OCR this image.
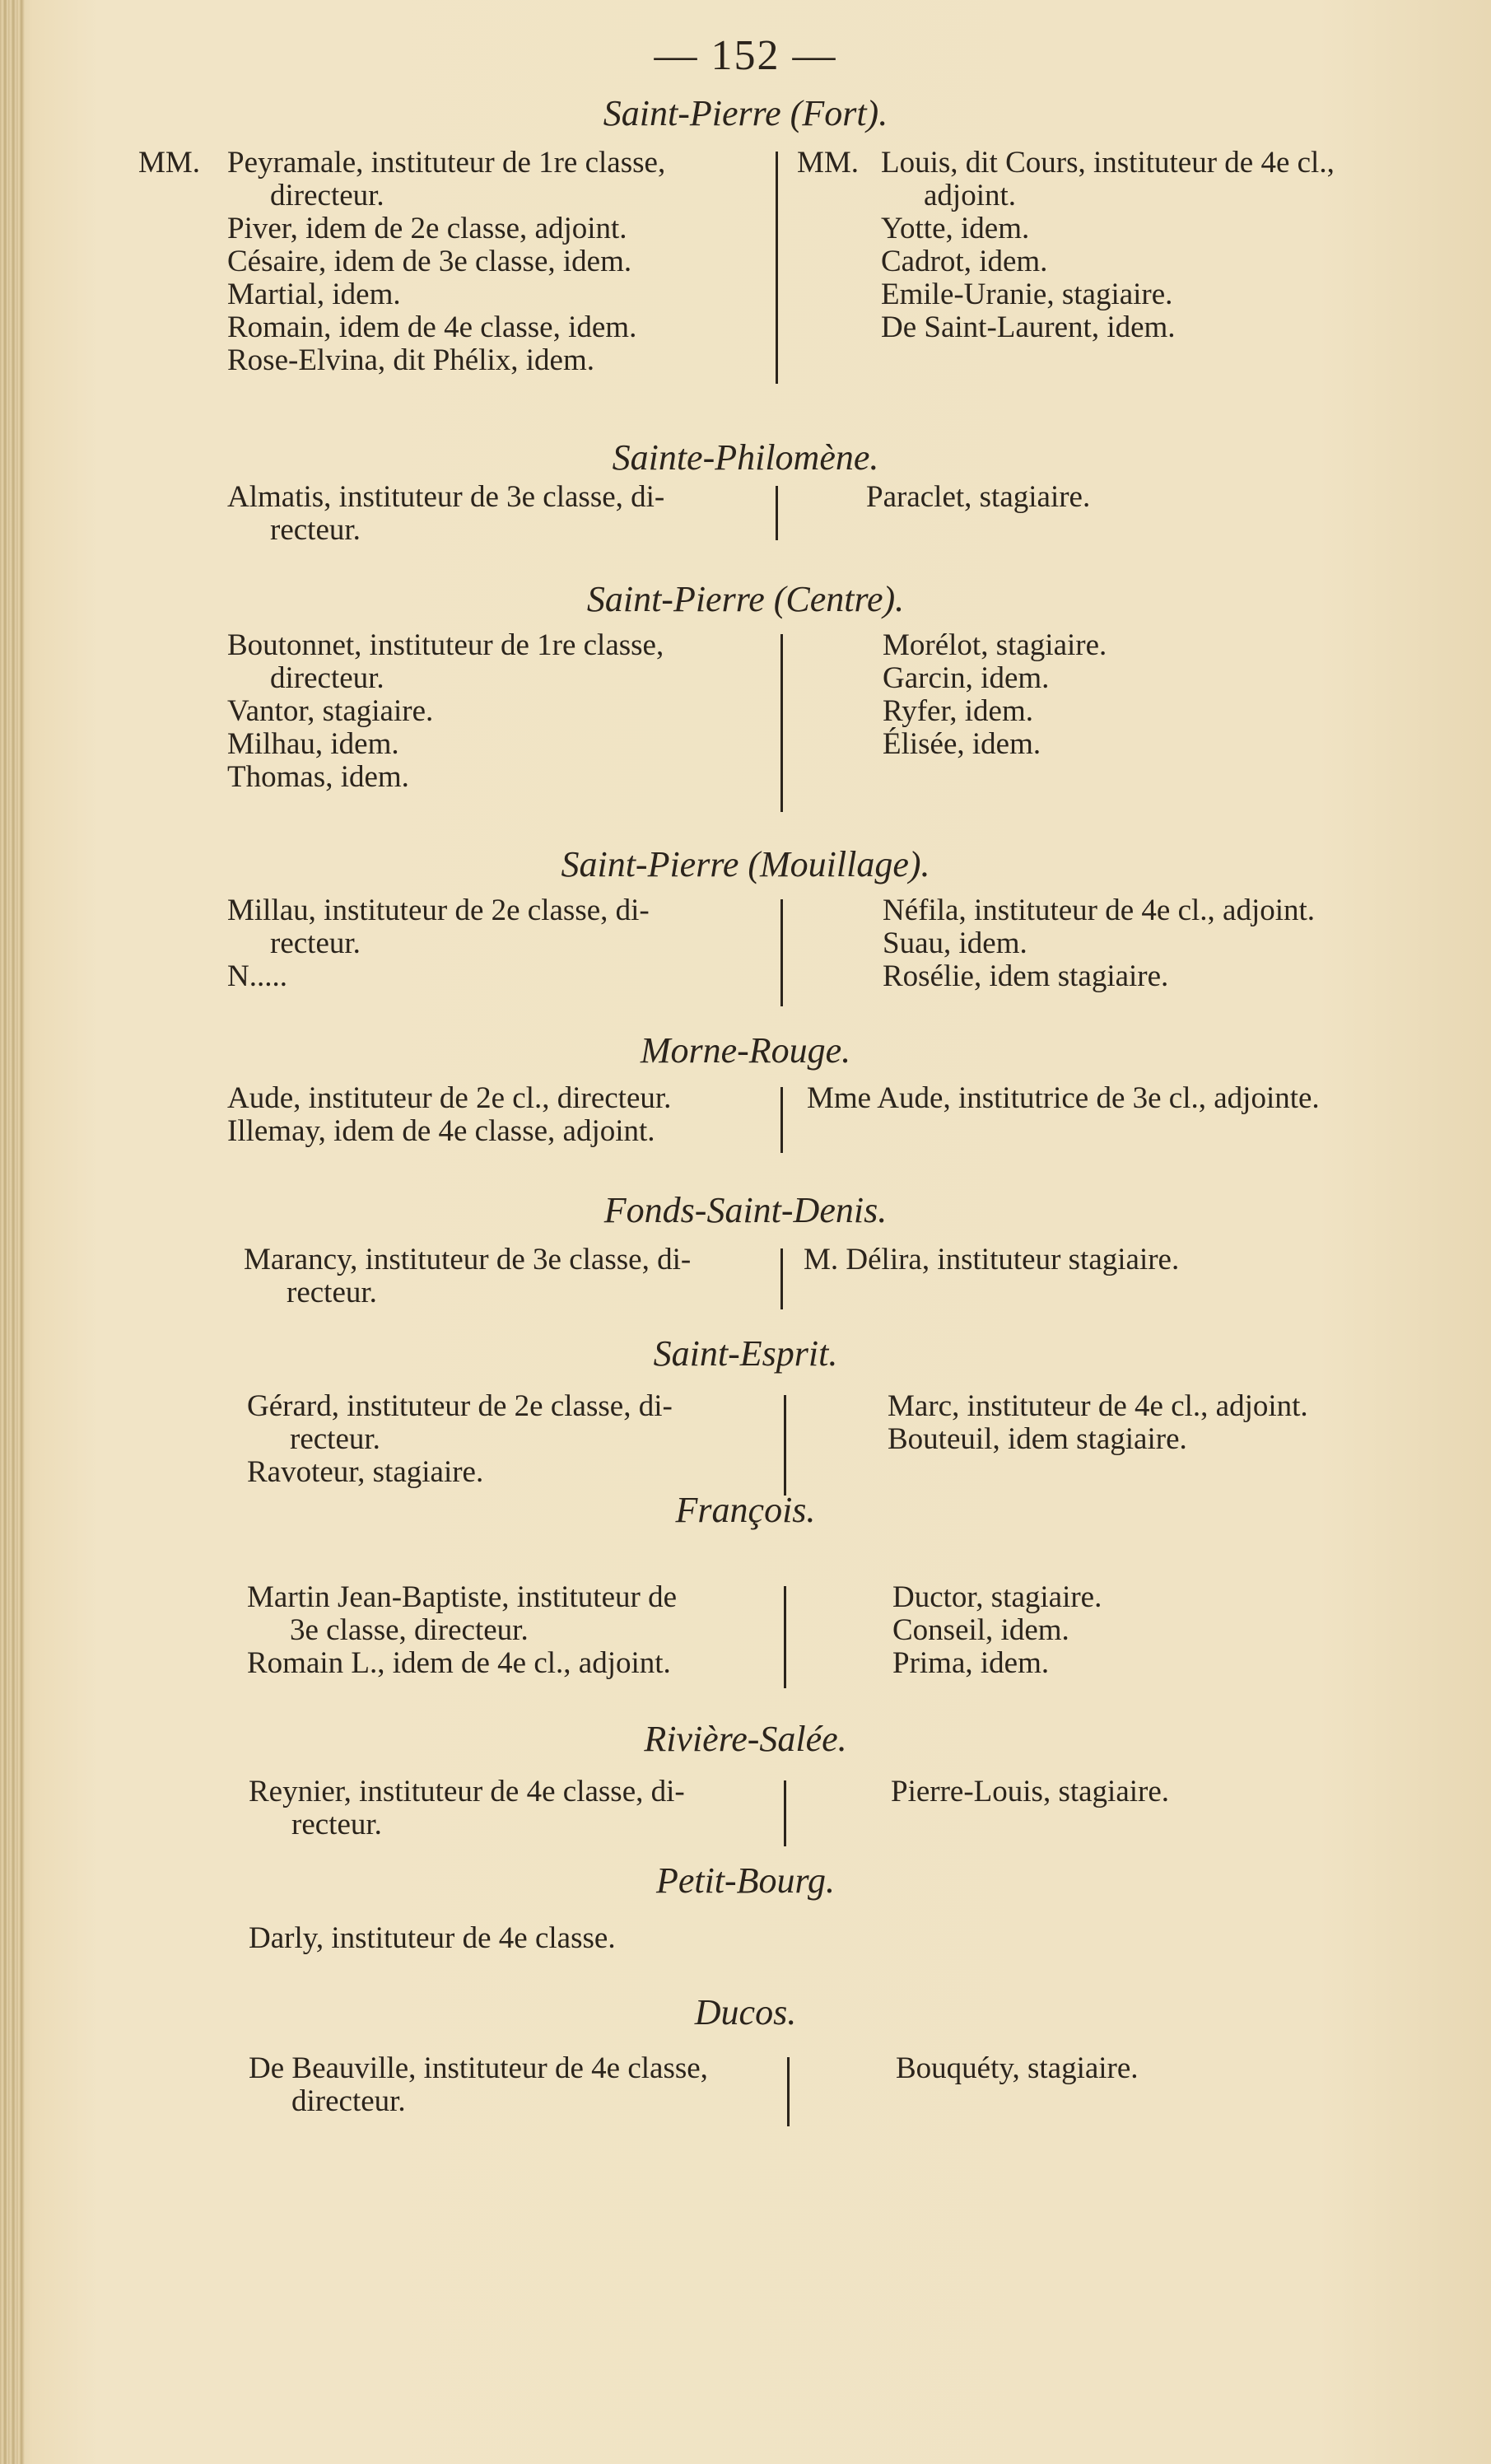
— 152 —
Saint-Pierre (Fort).
MM. Peyramale, instituteur de 1re classe,
directeur.
Piver, idem de 2e classe, adjoint.
Césaire, idem de 3e classe, idem.
Martial, idem.
Romain, idem de 4e classe, idem.
Rose-Elvina, dit Phélix, idem.
MM. Louis, dit Cours, instituteur de 4e cl.,
adjoint.
Yotte, idem.
Cadrot, idem.
Emile-Uranie, stagiaire.
De Saint-Laurent, idem.
Sainte-Philomène.
Almatis, instituteur de 3e classe, di-
recteur.
Paraclet, stagiaire.
Saint-Pierre (Centre).
Boutonnet, instituteur de 1re classe,
directeur.
Vantor, stagiaire.
Milhau, idem.
Thomas, idem.
Morélot, stagiaire.
Garcin, idem.
Ryfer, idem.
Élisée, idem.
Saint-Pierre (Mouillage).
Millau, instituteur de 2e classe, di-
recteur.
N.....
Néfila, instituteur de 4e cl., adjoint.
Suau, idem.
Rosélie, idem stagiaire.
Morne-Rouge.
Aude, instituteur de 2e cl., directeur.
Illemay, idem de 4e classe, adjoint.
Mme Aude, institutrice de 3e cl., adjointe.
Fonds-Saint-Denis.
Marancy, instituteur de 3e classe, di-
recteur.
M. Délira, instituteur stagiaire.
Saint-Esprit.
Gérard, instituteur de 2e classe, di-
recteur.
Ravoteur, stagiaire.
Marc, instituteur de 4e cl., adjoint.
Bouteuil, idem stagiaire.
François.
Martin Jean-Baptiste, instituteur de
3e classe, directeur.
Romain L., idem de 4e cl., adjoint.
Ductor, stagiaire.
Conseil, idem.
Prima, idem.
Rivière-Salée.
Reynier, instituteur de 4e classe, di-
recteur.
Pierre-Louis, stagiaire.
Petit-Bourg.
Darly, instituteur de 4e classe.
Ducos.
De Beauville, instituteur de 4e classe,
directeur.
Bouquéty, stagiaire.
